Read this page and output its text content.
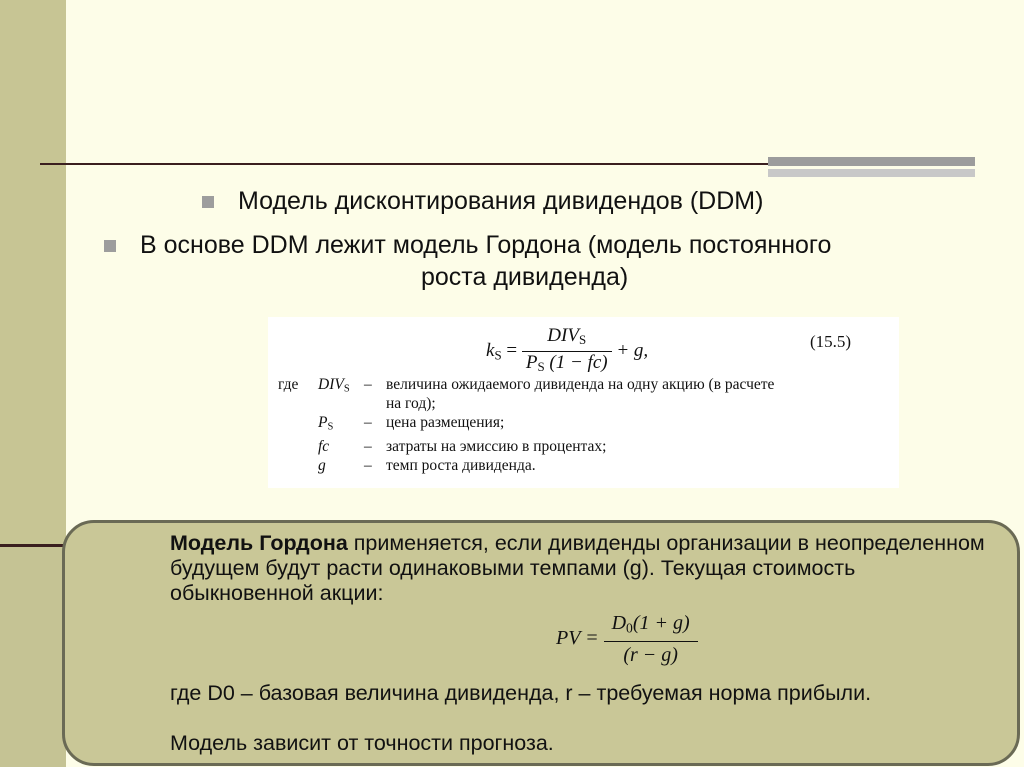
Модель дисконтирования дивидендов (DDM)
В основе DDM лежит модель Гордона (модель постоянного
роста дивиденда)
$k_S = \frac{DIV_S}{P_S (1 - fc)} + g$,	(15.5)
где	$DIV_S$	–	величина ожидаемого дивиденда на одну акцию (в расчете
на год);
	$P_S$	–	цена размещения;
	fc	–	затраты на эмиссию в процентах;
	g	–	темп роста дивиденда.
Модель Гордона применяется, если дивиденды организации в неопределенном будущем будут расти одинаковыми темпами (g). Текущая стоимость обыкновенной акции:
PV = $\frac{D_0(1 + g)}{(r - g)}$
где D0 – базовая величина дивиденда, r – требуемая норма прибыли.
Модель зависит от точности прогноза.
